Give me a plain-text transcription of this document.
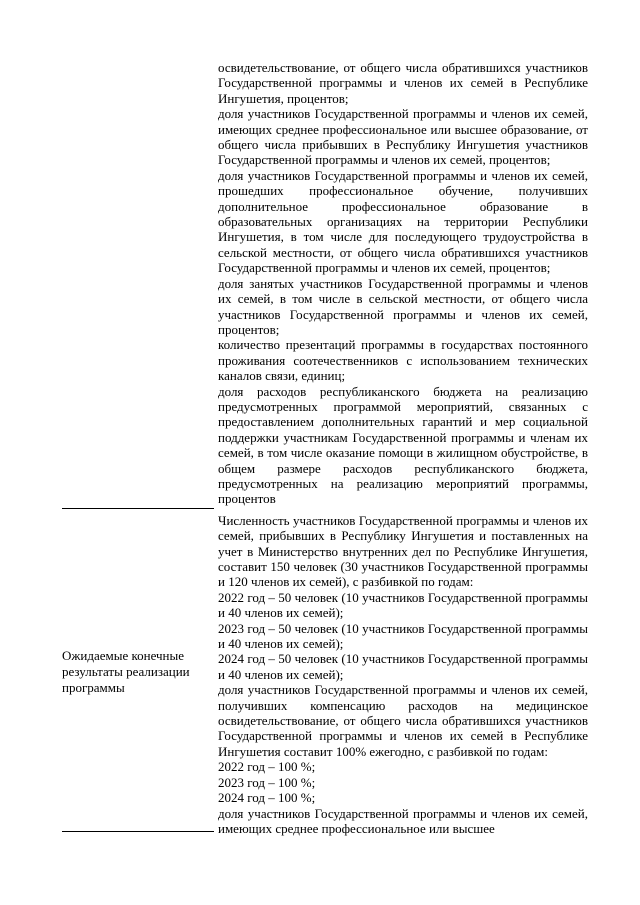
освидетельствование, от общего числа обратившихся участников Государственной программы и членов их семей в Республике Ингушетия, процентов;
доля участников Государственной программы и членов их семей, имеющих среднее профессиональное или высшее образование, от общего числа прибывших в Республику Ингушетия участников Государственной программы и членов их семей, процентов;
доля участников Государственной программы и членов их семей, прошедших профессиональное обучение, получивших дополнительное профессиональное образование в образовательных организациях на территории Республики Ингушетия, в том числе для последующего трудоустройства в сельской местности, от общего числа обратившихся участников Государственной программы и членов их семей, процентов;
доля занятых участников Государственной программы и членов их семей, в том числе в сельской местности, от общего числа участников Государственной программы и членов их семей, процентов;
количество презентаций программы в государствах постоянного проживания соотечественников с использованием технических каналов связи, единиц;
доля расходов республиканского бюджета на реализацию предусмотренных программой мероприятий, связанных с предоставлением дополнительных гарантий и мер социальной поддержки участникам Государственной программы и членам их семей, в том числе оказание помощи в жилищном обустройстве, в общем размере расходов республиканского бюджета, предусмотренных на реализацию мероприятий программы, процентов
Численность участников Государственной программы и членов их семей, прибывших в Республику Ингушетия и поставленных на учет в Министерство внутренних дел по Республике Ингушетия, составит 150 человек (30 участников Государственной программы и 120 членов их семей), с разбивкой по годам:
2022 год – 50 человек (10 участников Государственной программы и 40 членов их семей);
2023 год – 50 человек (10 участников Государственной программы и 40 членов их семей);
2024 год – 50 человек (10 участников Государственной программы и 40 членов их семей);
доля участников Государственной программы и членов их семей, получивших компенсацию расходов на медицинское освидетельствование, от общего числа обратившихся участников Государственной программы и членов их семей в Республике Ингушетия составит 100% ежегодно, с разбивкой по годам:
2022 год – 100 %;
2023 год – 100 %;
2024 год – 100 %;
доля участников Государственной программы и членов их семей, имеющих среднее профессиональное или высшее
Ожидаемые конечные результаты реализации программы
